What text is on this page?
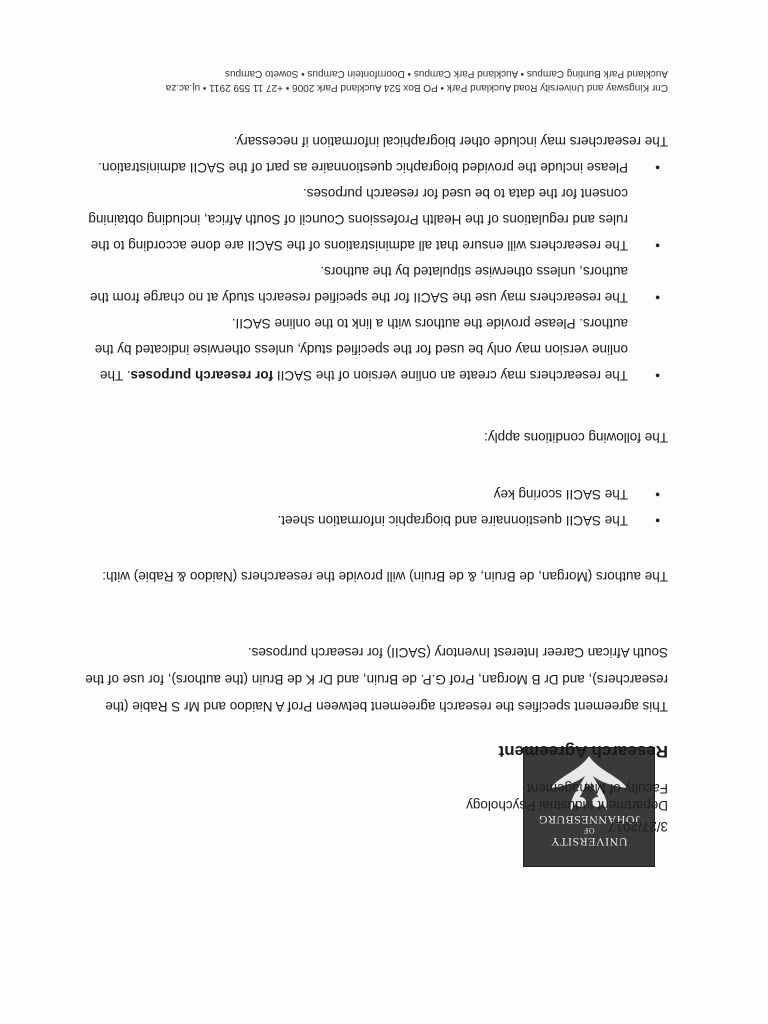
UNIVERSITY
OF
JOHANNESBURG
3/27/2017
Department Industrial Psychology
Faculty of Management
Research Agreement
This agreement specifies the research agreement between Prof A Naidoo and Mr S Rabie (the
researchers), and Dr B Morgan, Prof G.P. de Bruin, and Dr K de Bruin (the authors), for use of the
South African Career Interest Inventory (SACII) for research purposes.
The authors (Morgan, de Bruin, & de Bruin) will provide the researchers (Naidoo & Rabie) with:
•
The SACII questionnaire and biographic information sheet.
•
The SACII scoring key
The following conditions apply:
•
The researchers may create an online version of the SACII for research purposes. The
online version may only be used for the specified study, unless otherwise indicated by the
authors. Please provide the authors with a link to the online SACII.
•
The researchers may use the SACII for the specified research study at no charge from the
authors, unless otherwise stipulated by the authors.
•
The researchers will ensure that all administrations of the SACII are done according to the
rules and regulations of the Health Professions Council of South Africa, including obtaining
consent for the data to be used for research purposes.
•
Please include the provided biographic questionnaire as part of the SACII administration.
The researchers may include other biographical information if necessary.
Cnr Kingsway and University Road Auckland Park • PO Box 524 Auckland Park 2006 • +27 11 559 2911 • uj.ac.za
Auckland Park Bunting Campus • Auckland Park Campus • Doornfontein Campus • Soweto Campus
